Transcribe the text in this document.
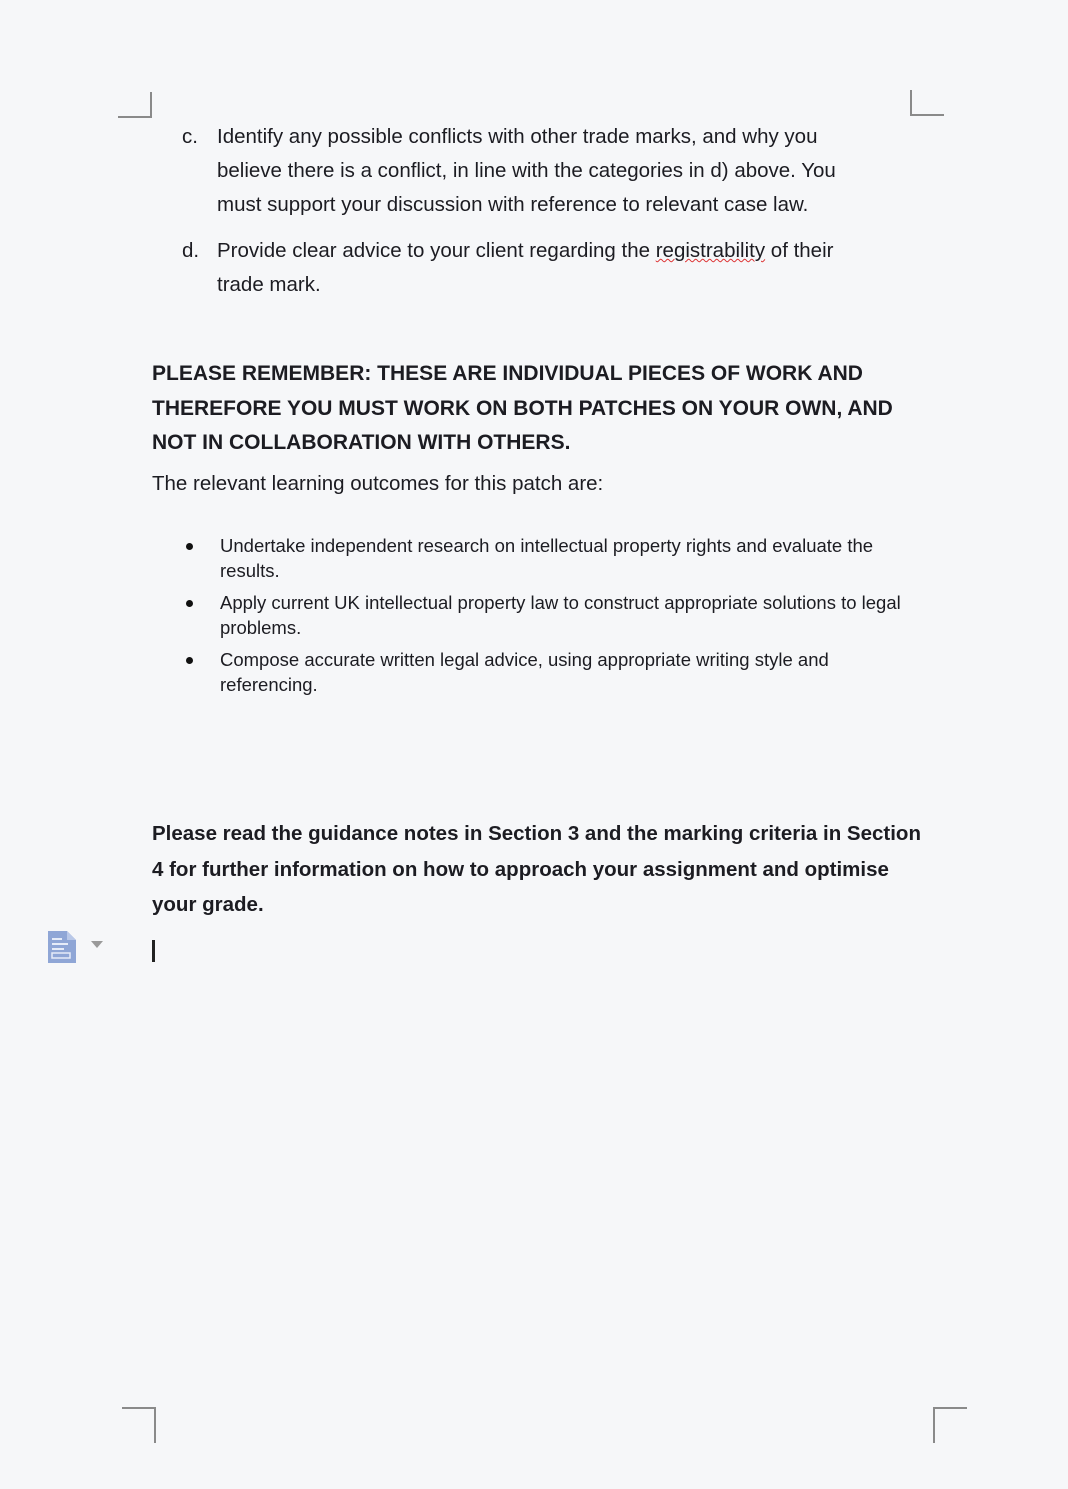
c. Identify any possible conflicts with other trade marks, and why you believe there is a conflict, in line with the categories in d) above. You must support your discussion with reference to relevant case law.
d. Provide clear advice to your client regarding the registrability of their trade mark.
PLEASE REMEMBER: THESE ARE INDIVIDUAL PIECES OF WORK AND THEREFORE YOU MUST WORK ON BOTH PATCHES ON YOUR OWN, AND NOT IN COLLABORATION WITH OTHERS.
The relevant learning outcomes for this patch are:
Undertake independent research on intellectual property rights and evaluate the results.
Apply current UK intellectual property law to construct appropriate solutions to legal problems.
Compose accurate written legal advice, using appropriate writing style and referencing.
Please read the guidance notes in Section 3 and the marking criteria in Section 4 for further information on how to approach your assignment and optimise your grade.
